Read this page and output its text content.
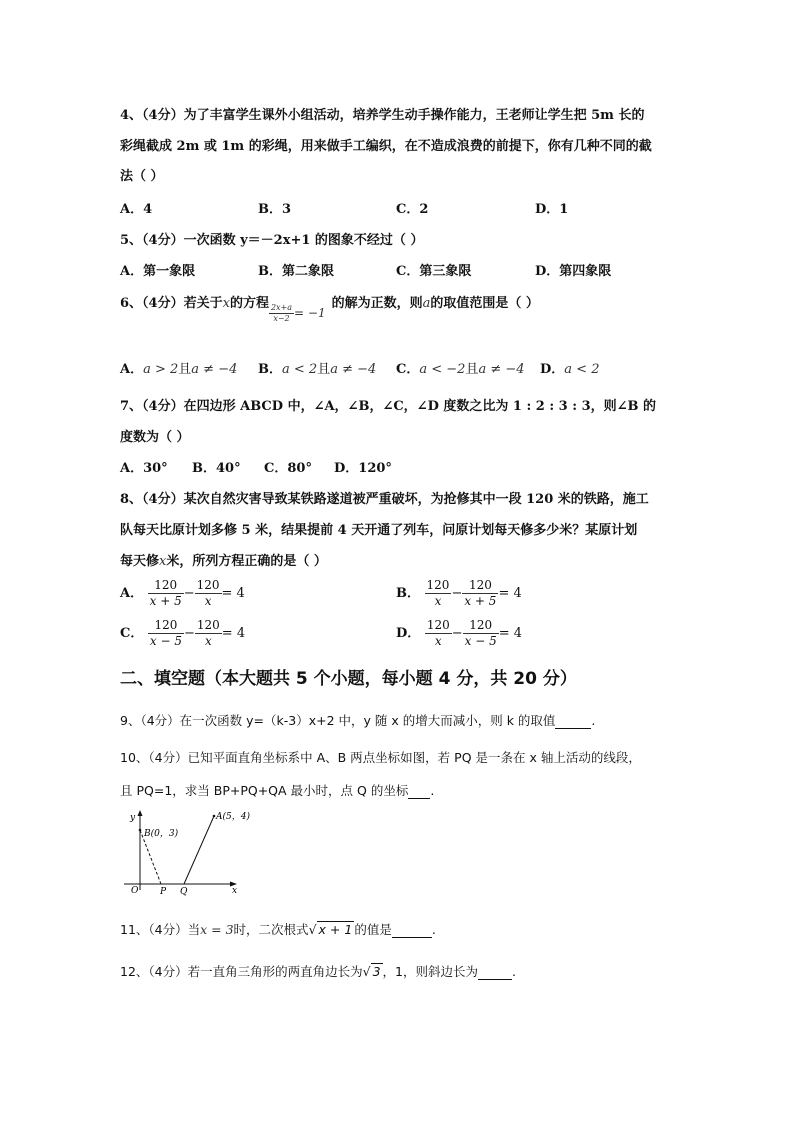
4、（4分）为了丰富学生课外小组活动，培养学生动手操作能力，王老师让学生把 5m 长的
彩绳截成 2m 或 1m 的彩绳，用来做手工编织，在不造成浪费的前提下，你有几种不同的截
法（ ）
A．4	B．3	C．2	D．1
5、（4分）一次函数 y＝－2x+1 的图象不经过（ ）
A．第一象限	B．第二象限	C．第三象限	D．第四象限
6、（4分）若关于x的方程 $\frac{2x+a}{x-2} = -1$的解为正数，则a的取值范围是（ ）
A．a > 2且a ≠ −4 B．a < 2且a ≠ −4 C．a < −2且a ≠ −4 D．a < 2
7、（4分）在四边形 ABCD 中，∠A，∠B，∠C，∠D 度数之比为 1 : 2 : 3 : 3，则∠B 的
度数为（ ）
A．30° B．40° C．80° D．120°
8、（4分）某次自然灾害导致某铁路遂道被严重破坏，为抢修其中一段 120 米的铁路，施工
队每天比原计划多修 5 米，结果提前 4 天开通了列车，问原计划每天修多少米？某原计划
每天修x米，所列方程正确的是（ ）
A． $\frac{120}{x + 5} - \frac{120}{x} = 4$	B． $\frac{120}{x} - \frac{120}{x + 5} = 4$
C． $\frac{120}{x - 5} - \frac{120}{x} = 4$	D． $\frac{120}{x} - \frac{120}{x - 5} = 4$
二、填空题（本大题共 5 个小题，每小题 4 分，共 20 分）
9、（4分）在一次函数 y=（k-3）x+2 中，y 随 x 的增大而减小，则 k 的取值	.
10、（4分）已知平面直角坐标系中 A、B 两点坐标如图，若 PQ 是一条在 x 轴上活动的线段，
且 PQ=1，求当 BP+PQ+QA 最小时，点 Q 的坐标 .
y
x
O
B(0，3)
A(5，4)
P Q
11、（4分）当x = 3时，二次根式√ x + 1 的值是	.
12、（4分）若一直角三角形的两直角边长为√ 3 ，1，则斜边长为	.
